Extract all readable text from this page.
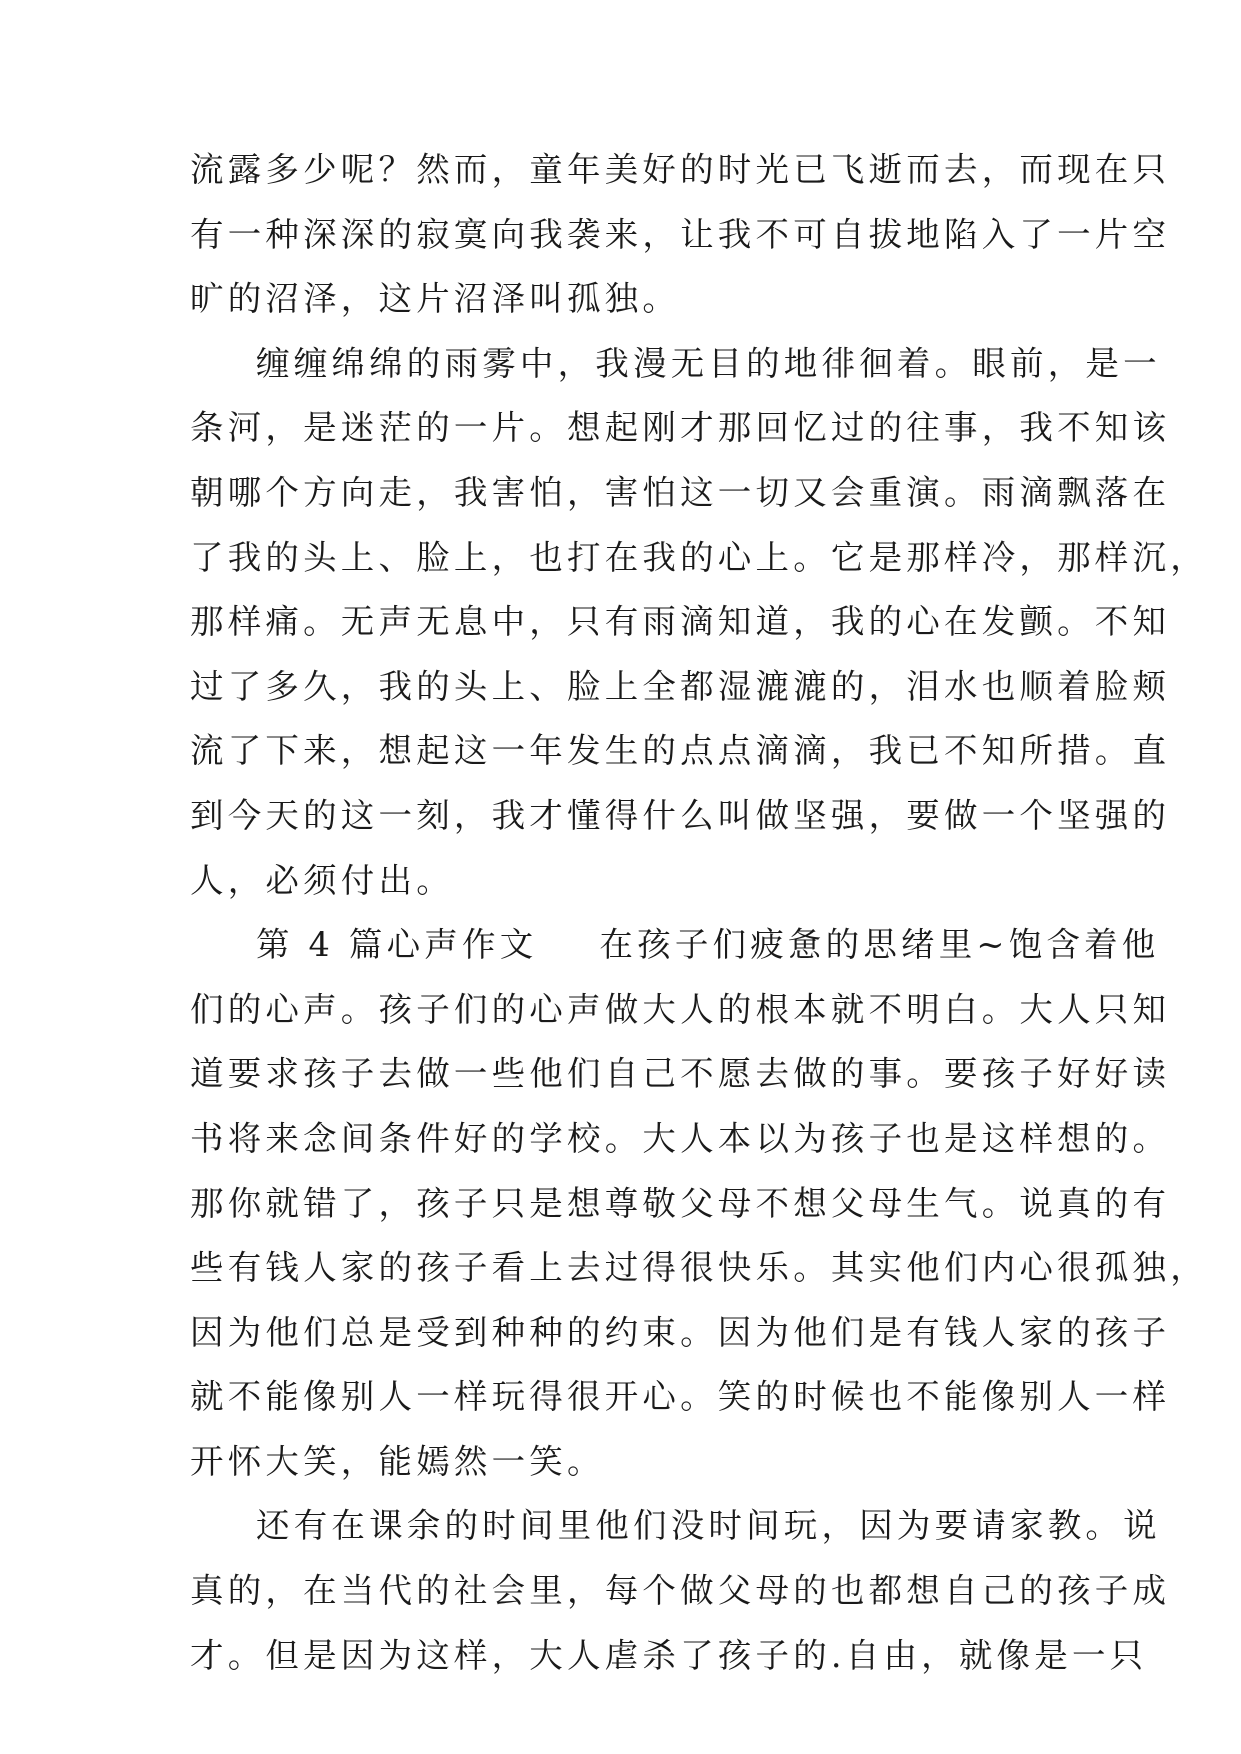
流露多少呢？然而，童年美好的时光已飞逝而去，而现在只
有一种深深的寂寞向我袭来，让我不可自拔地陷入了一片空
旷的沼泽，这片沼泽叫孤独。
缠缠绵绵的雨雾中，我漫无目的地徘徊着。眼前，是一
条河，是迷茫的一片。想起刚才那回忆过的往事，我不知该
朝哪个方向走，我害怕，害怕这一切又会重演。雨滴飘落在
了我的头上、脸上，也打在我的心上。它是那样冷，那样沉，
那样痛。无声无息中，只有雨滴知道，我的心在发颤。不知
过了多久，我的头上、脸上全都湿漉漉的，泪水也顺着脸颊
流了下来，想起这一年发生的点点滴滴，我已不知所措。直
到今天的这一刻，我才懂得什么叫做坚强，要做一个坚强的
人，必须付出。
第 4 篇心声作文 在孩子们疲惫的思绪里~饱含着他
们的心声。孩子们的心声做大人的根本就不明白。大人只知
道要求孩子去做一些他们自己不愿去做的事。要孩子好好读
书将来念间条件好的学校。大人本以为孩子也是这样想的。
那你就错了，孩子只是想尊敬父母不想父母生气。说真的有
些有钱人家的孩子看上去过得很快乐。其实他们内心很孤独，
因为他们总是受到种种的约束。因为他们是有钱人家的孩子
就不能像别人一样玩得很开心。笑的时候也不能像别人一样
开怀大笑，能嫣然一笑。
还有在课余的时间里他们没时间玩，因为要请家教。说
真的，在当代的社会里，每个做父母的也都想自己的孩子成
才。但是因为这样，大人虐杀了孩子的.自由，就像是一只
